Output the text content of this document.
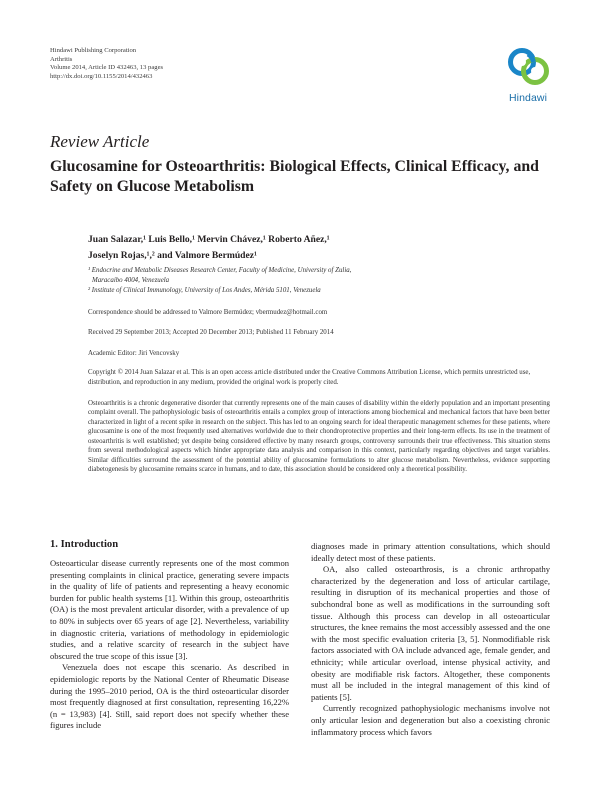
Hindawi Publishing Corporation
Arthritis
Volume 2014, Article ID 432463, 13 pages
http://dx.doi.org/10.1155/2014/432463
Hindawi
Review Article
Glucosamine for Osteoarthritis: Biological Effects, Clinical Efficacy, and Safety on Glucose Metabolism
Juan Salazar,¹ Luis Bello,¹ Mervin Chávez,¹ Roberto Añez,¹
Joselyn Rojas,¹,² and Valmore Bermúdez¹
¹ Endocrine and Metabolic Diseases Research Center, Faculty of Medicine, University of Zulia,
Maracaibo 4004, Venezuela
² Institute of Clinical Immunology, University of Los Andes, Mérida 5101, Venezuela
Correspondence should be addressed to Valmore Bermúdez; vbermudez@hotmail.com
Received 29 September 2013; Accepted 20 December 2013; Published 11 February 2014
Academic Editor: Jiri Vencovsky
Copyright © 2014 Juan Salazar et al. This is an open access article distributed under the Creative Commons Attribution License, which permits unrestricted use, distribution, and reproduction in any medium, provided the original work is properly cited.
Osteoarthritis is a chronic degenerative disorder that currently represents one of the main causes of disability within the elderly population and an important presenting complaint overall. The pathophysiologic basis of osteoarthritis entails a complex group of interactions among biochemical and mechanical factors that have been better characterized in light of a recent spike in research on the subject. This has led to an ongoing search for ideal therapeutic management schemes for these patients, where glucosamine is one of the most frequently used alternatives worldwide due to their chondroprotective properties and their long-term effects. Its use in the treatment of osteoarthritis is well established; yet despite being considered effective by many research groups, controversy surrounds their true effectiveness. This situation stems from several methodological aspects which hinder appropriate data analysis and comparison in this context, particularly regarding objectives and target variables. Similar difficulties surround the assessment of the potential ability of glucosamine formulations to alter glucose metabolism. Nevertheless, evidence supporting diabetogenesis by glucosamine remains scarce in humans, and to date, this association should be considered only a theoretical possibility.
1. Introduction

Osteoarticular disease currently represents one of the most common presenting complaints in clinical practice, generating severe impacts in the quality of life of patients and representing a heavy economic burden for public health systems [1]. Within this group, osteoarthritis (OA) is the most prevalent articular disorder, with a prevalence of up to 80% in subjects over 65 years of age [2]. Nevertheless, variability in diagnostic criteria, variations of methodology in epidemiologic studies, and a relative scarcity of research in the subject have obscured the true scope of this issue [3].

Venezuela does not escape this scenario. As described in epidemiologic reports by the National Center of Rheumatic Disease during the 1995–2010 period, OA is the third osteoarticular disorder most frequently diagnosed at first consultation, representing 16,22% (n = 13,983) [4]. Still, said report does not specify whether these figures include

diagnoses made in primary attention consultations, which should ideally detect most of these patients.

OA, also called osteoarthrosis, is a chronic arthropathy characterized by the degeneration and loss of articular cartilage, resulting in disruption of its mechanical properties and those of subchondral bone as well as modifications in the surrounding soft tissue. Although this process can develop in all osteoarticular structures, the knee remains the most accessibly assessed and the one with the most specific evaluation criteria [3, 5]. Nonmodifiable risk factors associated with OA include advanced age, female gender, and ethnicity; while articular overload, intense physical activity, and obesity are modifiable risk factors. Altogether, these components must all be included in the integral management of this kind of patients [5].

Currently recognized pathophysiologic mechanisms involve not only articular lesion and degeneration but also a coexisting chronic inflammatory process which favors
